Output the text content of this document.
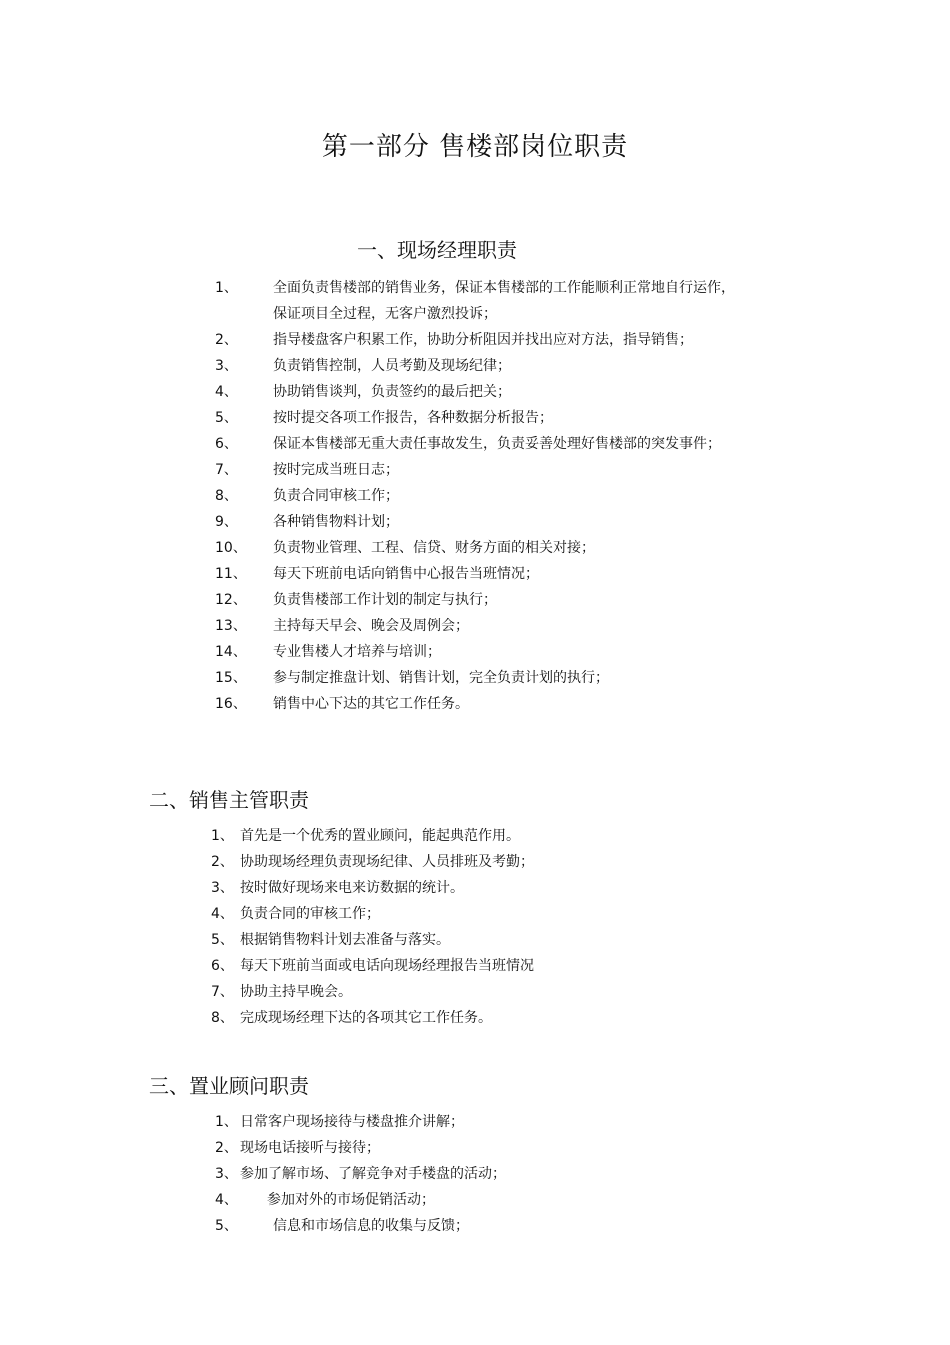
第一部分 售楼部岗位职责
一、现场经理职责
1、	全面负责售楼部的销售业务，保证本售楼部的工作能顺利正常地自行运作，
保证项目全过程，无客户激烈投诉；
2、	指导楼盘客户积累工作，协助分析阻因并找出应对方法，指导销售；
3、	负责销售控制，人员考勤及现场纪律；
4、	协助销售谈判，负责签约的最后把关；
5、	按时提交各项工作报告，各种数据分析报告；
6、	保证本售楼部无重大责任事故发生，负责妥善处理好售楼部的突发事件；
7、	按时完成当班日志；
8、	负责合同审核工作；
9、	各种销售物料计划；
10、 负责物业管理、工程、信贷、财务方面的相关对接；
11、 每天下班前电话向销售中心报告当班情况；
12、 负责售楼部工作计划的制定与执行；
13、 主持每天早会、晚会及周例会；
14、 专业售楼人才培养与培训；
15、 参与制定推盘计划、销售计划，完全负责计划的执行；
16、 销售中心下达的其它工作任务。
二、销售主管职责
1、 首先是一个优秀的置业顾问，能起典范作用。
2、 协助现场经理负责现场纪律、人员排班及考勤；
3、 按时做好现场来电来访数据的统计。
4、 负责合同的审核工作；
5、 根据销售物料计划去准备与落实。
6、 每天下班前当面或电话向现场经理报告当班情况
7、 协助主持早晚会。
8、 完成现场经理下达的各项其它工作任务。
三、置业顾问职责
1、 日常客户现场接待与楼盘推介讲解；
2、 现场电话接听与接待；
3、 参加了解市场、了解竞争对手楼盘的活动；
4、 参加对外的市场促销活动；
5、	信息和市场信息的收集与反馈；
